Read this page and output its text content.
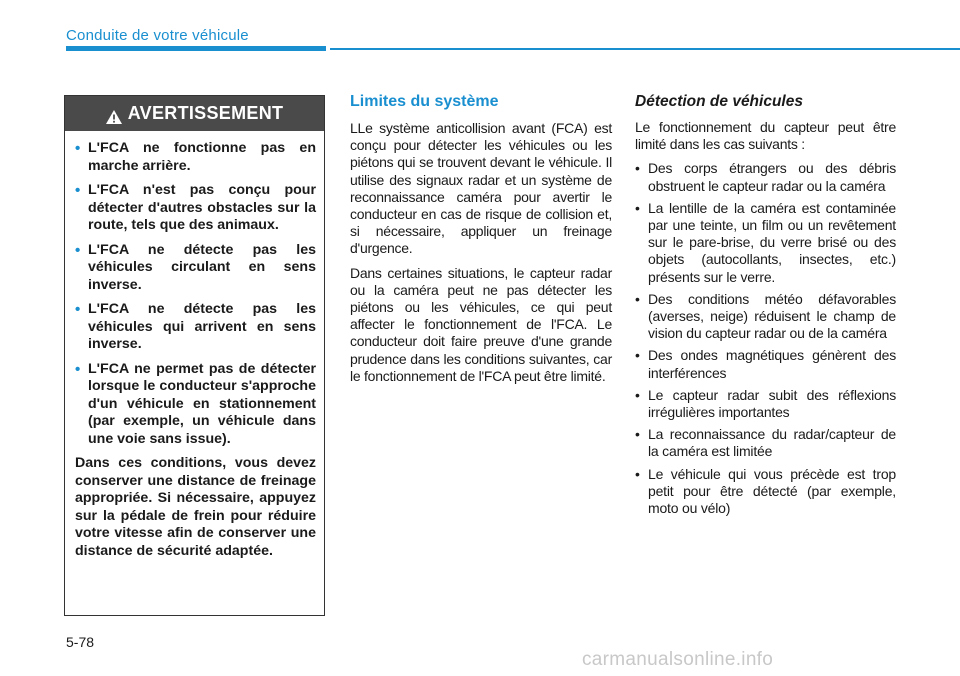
Conduite de votre véhicule
AVERTISSEMENT
• L'FCA ne fonctionne pas en marche arrière.
• L'FCA n'est pas conçu pour détecter d'autres obstacles sur la route, tels que des animaux.
• L'FCA ne détecte pas les véhicules circulant en sens inverse.
• L'FCA ne détecte pas les véhicules qui arrivent en sens inverse.
• L'FCA ne permet pas de détecter lorsque le conducteur s'approche d'un véhicule en stationnement (par exemple, un véhicule dans une voie sans issue).

Dans ces conditions, vous devez conserver une distance de freinage appropriée. Si nécessaire, appuyez sur la pédale de frein pour réduire votre vitesse afin de conserver une distance de sécurité adaptée.

Limites du système

LLe système anticollision avant (FCA) est conçu pour détecter les véhicules ou les piétons qui se trouvent devant le véhicule. Il utilise des signaux radar et un système de reconnaissance caméra pour avertir le conducteur en cas de risque de collision et, si nécessaire, appliquer un freinage d'urgence.

Dans certaines situations, le capteur radar ou la caméra peut ne pas détecter les piétons ou les véhicules, ce qui peut affecter le fonctionnement de l'FCA. Le conducteur doit faire preuve d'une grande prudence dans les conditions suivantes, car le fonctionnement de l'FCA peut être limité.

Détection de véhicules

Le fonctionnement du capteur peut être limité dans les cas suivants :

• Des corps étrangers ou des débris obstruent le capteur radar ou la caméra
• La lentille de la caméra est contaminée par une teinte, un film ou un revêtement sur le pare-brise, du verre brisé ou des objets (autocollants, insectes, etc.) présents sur le verre.
• Des conditions météo défavorables (averses, neige) réduisent le champ de vision du capteur radar ou de la caméra
• Des ondes magnétiques génèrent des interférences
• Le capteur radar subit des réflexions irrégulières importantes
• La reconnaissance du radar/capteur de la caméra est limitée
• Le véhicule qui vous précède est trop petit pour être détecté (par exemple, moto ou vélo)
5-78
carmanualsonline.info
